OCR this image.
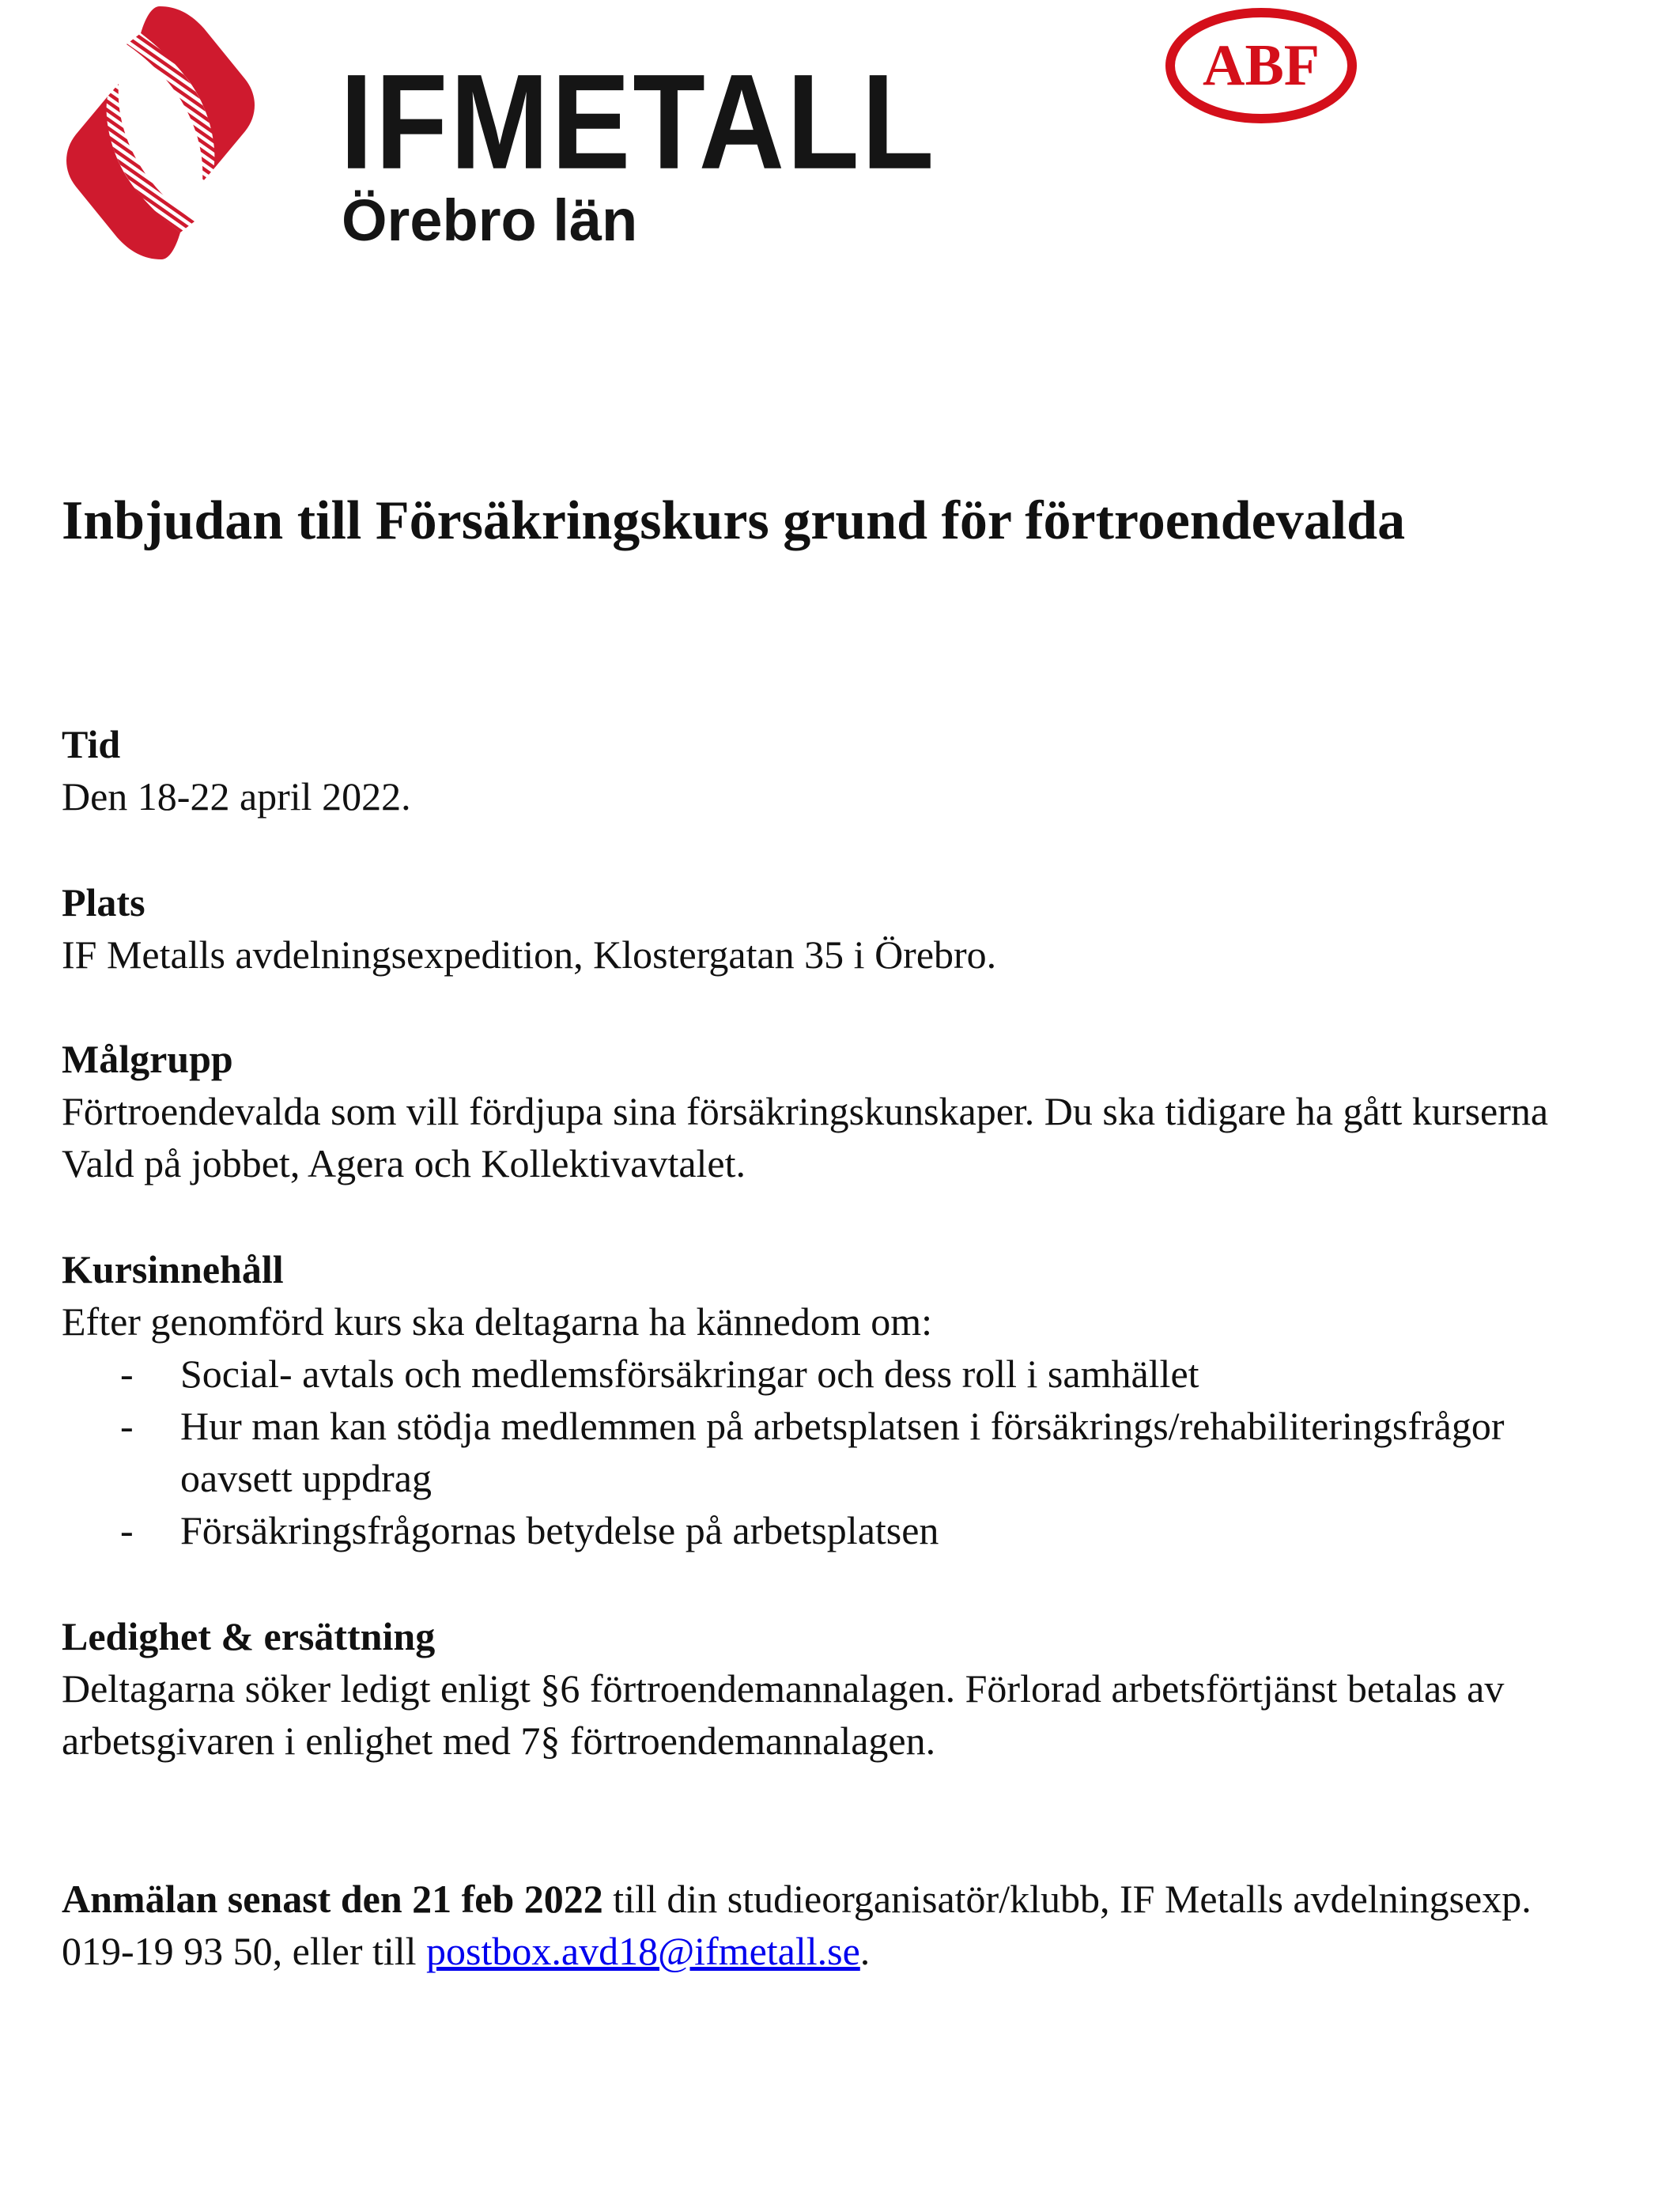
IFMETALL
Örebro län
ABF
Inbjudan till Försäkringskurs grund för förtroendevalda

Tid

Den 18-22 april 2022.

Plats

IF Metalls avdelningsexpedition, Klostergatan 35 i Örebro.

Målgrupp

Förtroendevalda som vill fördjupa sina försäkringskunskaper. Du ska tidigare ha gått kurserna Vald på jobbet, Agera och Kollektivavtalet.

Kursinnehåll

Efter genomförd kurs ska deltagarna ha kännedom om:

- Social- avtals och medlemsförsäkringar och dess roll i samhället
- Hur man kan stödja medlemmen på arbetsplatsen i försäkrings/rehabiliteringsfrågor oavsett uppdrag
- Försäkringsfrågornas betydelse på arbetsplatsen

Ledighet & ersättning

Deltagarna söker ledigt enligt §6 förtroendemannalagen. Förlorad arbetsförtjänst betalas av arbetsgivaren i enlighet med 7§ förtroendemannalagen.

Anmälan senast den 21 feb 2022 till din studieorganisatör/klubb, IF Metalls avdelningsexp. 019-19 93 50, eller till postbox.avd18@ifmetall.se.
